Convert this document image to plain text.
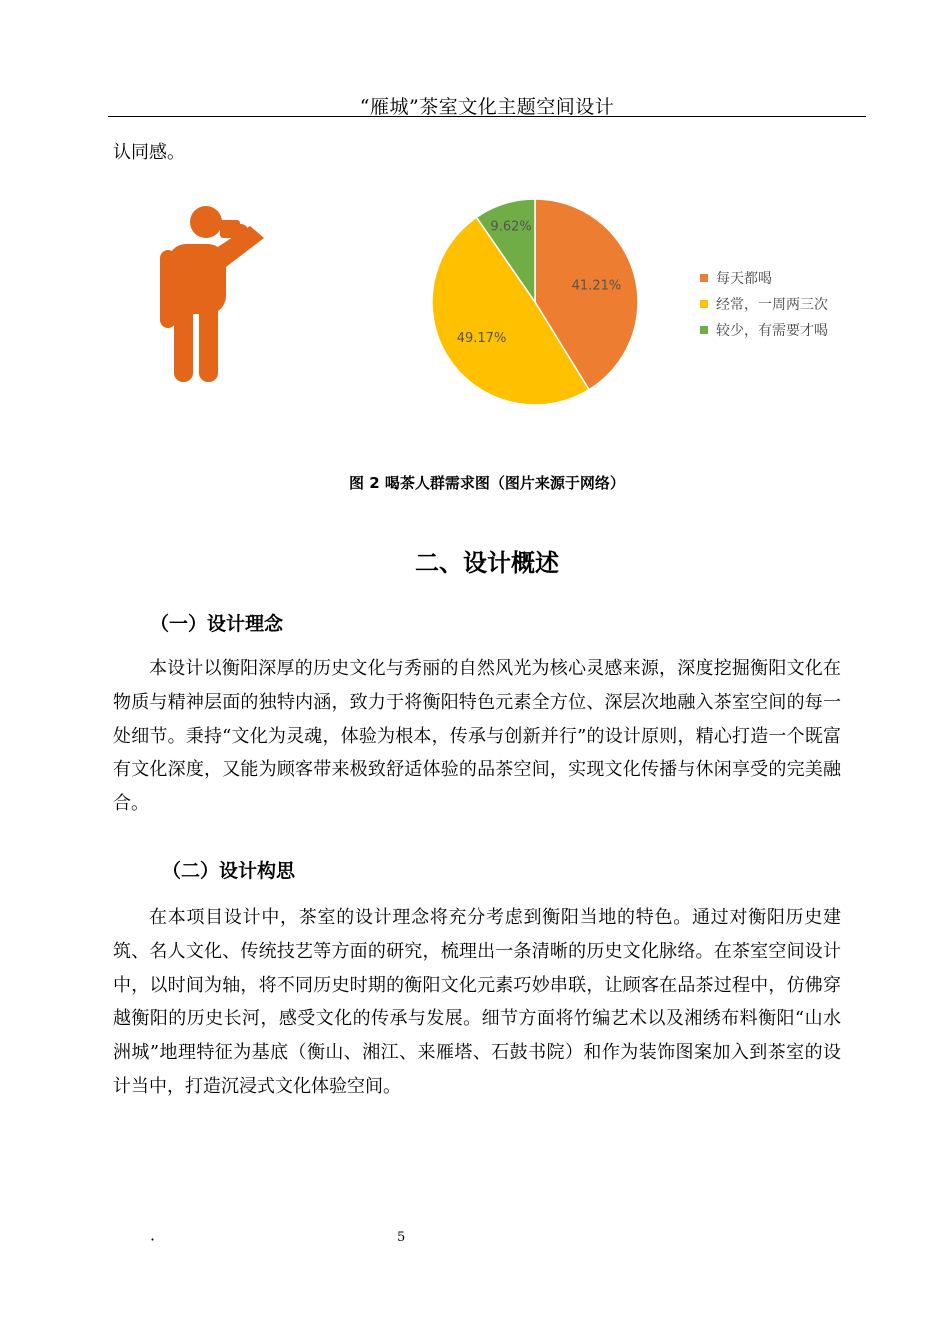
“雁城”茶室文化主题空间设计
认同感。
41.21%
49.17%
9.62%
每天都喝
经常，一周两三次
较少，有需要才喝
图 2 喝茶人群需求图（图片来源于网络）
二、设计概述
（一）设计理念

本设计以衡阳深厚的历史文化与秀丽的自然风光为核心灵感来源，深度挖掘衡阳文化在物质与精神层面的独特内涵，致力于将衡阳特色元素全方位、深层次地融入茶室空间的每一处细节。秉持“文化为灵魂，体验为根本，传承与创新并行”的设计原则，精心打造一个既富有文化深度，又能为顾客带来极致舒适体验的品茶空间，实现文化传播与休闲享受的完美融合。

（二）设计构思

在本项目设计中，茶室的设计理念将充分考虑到衡阳当地的特色。通过对衡阳历史建筑、名人文化、传统技艺等方面的研究，梳理出一条清晰的历史文化脉络。在茶室空间设计中，以时间为轴，将不同历史时期的衡阳文化元素巧妙串联，让顾客在品茶过程中，仿佛穿越衡阳的历史长河，感受文化的传承与发展。细节方面将竹编艺术以及湘绣布料衡阳“山水洲城”地理特征为基底（衡山、湘江、来雁塔、石鼓书院）和作为装饰图案加入到茶室的设计当中，打造沉浸式文化体验空间。

·	5
